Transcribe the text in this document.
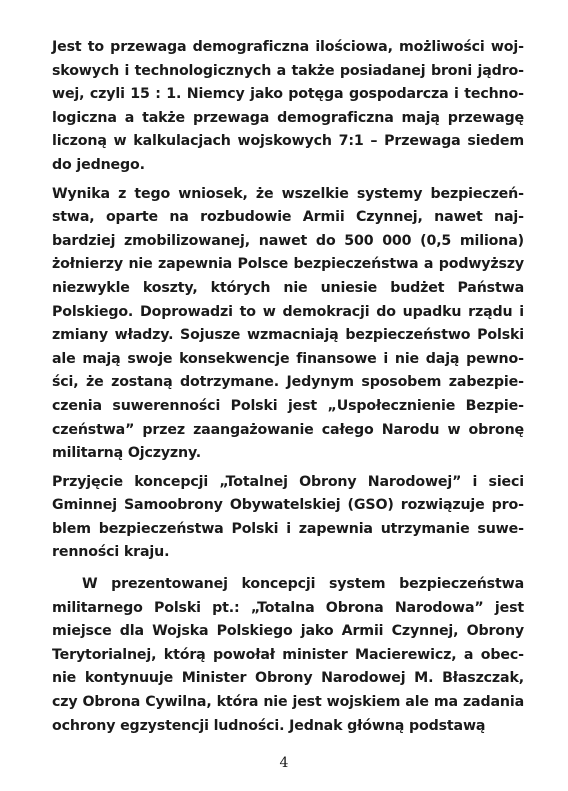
Jest to przewaga demograficzna ilościowa, możliwości wojskowych i technologicznych a także posiadanej broni jądrowej, czyli 15 : 1. Niemcy jako potęga gospodarcza i technologiczna a także przewaga demograficzna mają przewagę liczoną w kalkulacjach wojskowych 7:1 – Przewaga siedem do jednego.

Wynika z tego wniosek, że wszelkie systemy bezpieczeństwa, oparte na rozbudowie Armii Czynnej, nawet najbardziej zmobilizowanej, nawet do 500 000 (0,5 miliona) żołnierzy nie zapewnia Polsce bezpieczeństwa a podwyższy niezwykle koszty, których nie uniesie budżet Państwa Polskiego. Doprowadzi to w demokracji do upadku rządu i zmiany władzy. Sojusze wzmacniają bezpieczeństwo Polski ale mają swoje konsekwencje finansowe i nie dają pewności, że zostaną dotrzymane. Jedynym sposobem zabezpieczenia suwerenności Polski jest „Uspołecznienie Bezpieczeństwa” przez zaangażowanie całego Narodu w obronę militarną Ojczyzny.

Przyjęcie koncepcji „Totalnej Obrony Narodowej” i sieci Gminnej Samoobrony Obywatelskiej (GSO) rozwiązuje problem bezpieczeństwa Polski i zapewnia utrzymanie suwerenności kraju.

W prezentowanej koncepcji system bezpieczeństwa militarnego Polski pt.: „Totalna Obrona Narodowa” jest miejsce dla Wojska Polskiego jako Armii Czynnej, Obrony Terytorialnej, którą powołał minister Macierewicz, a obecnie kontynuuje Minister Obrony Narodowej M. Błaszczak, czy Obrona Cywilna, która nie jest wojskiem ale ma zadania ochrony egzystencji ludności. Jednak główną podstawą

4
